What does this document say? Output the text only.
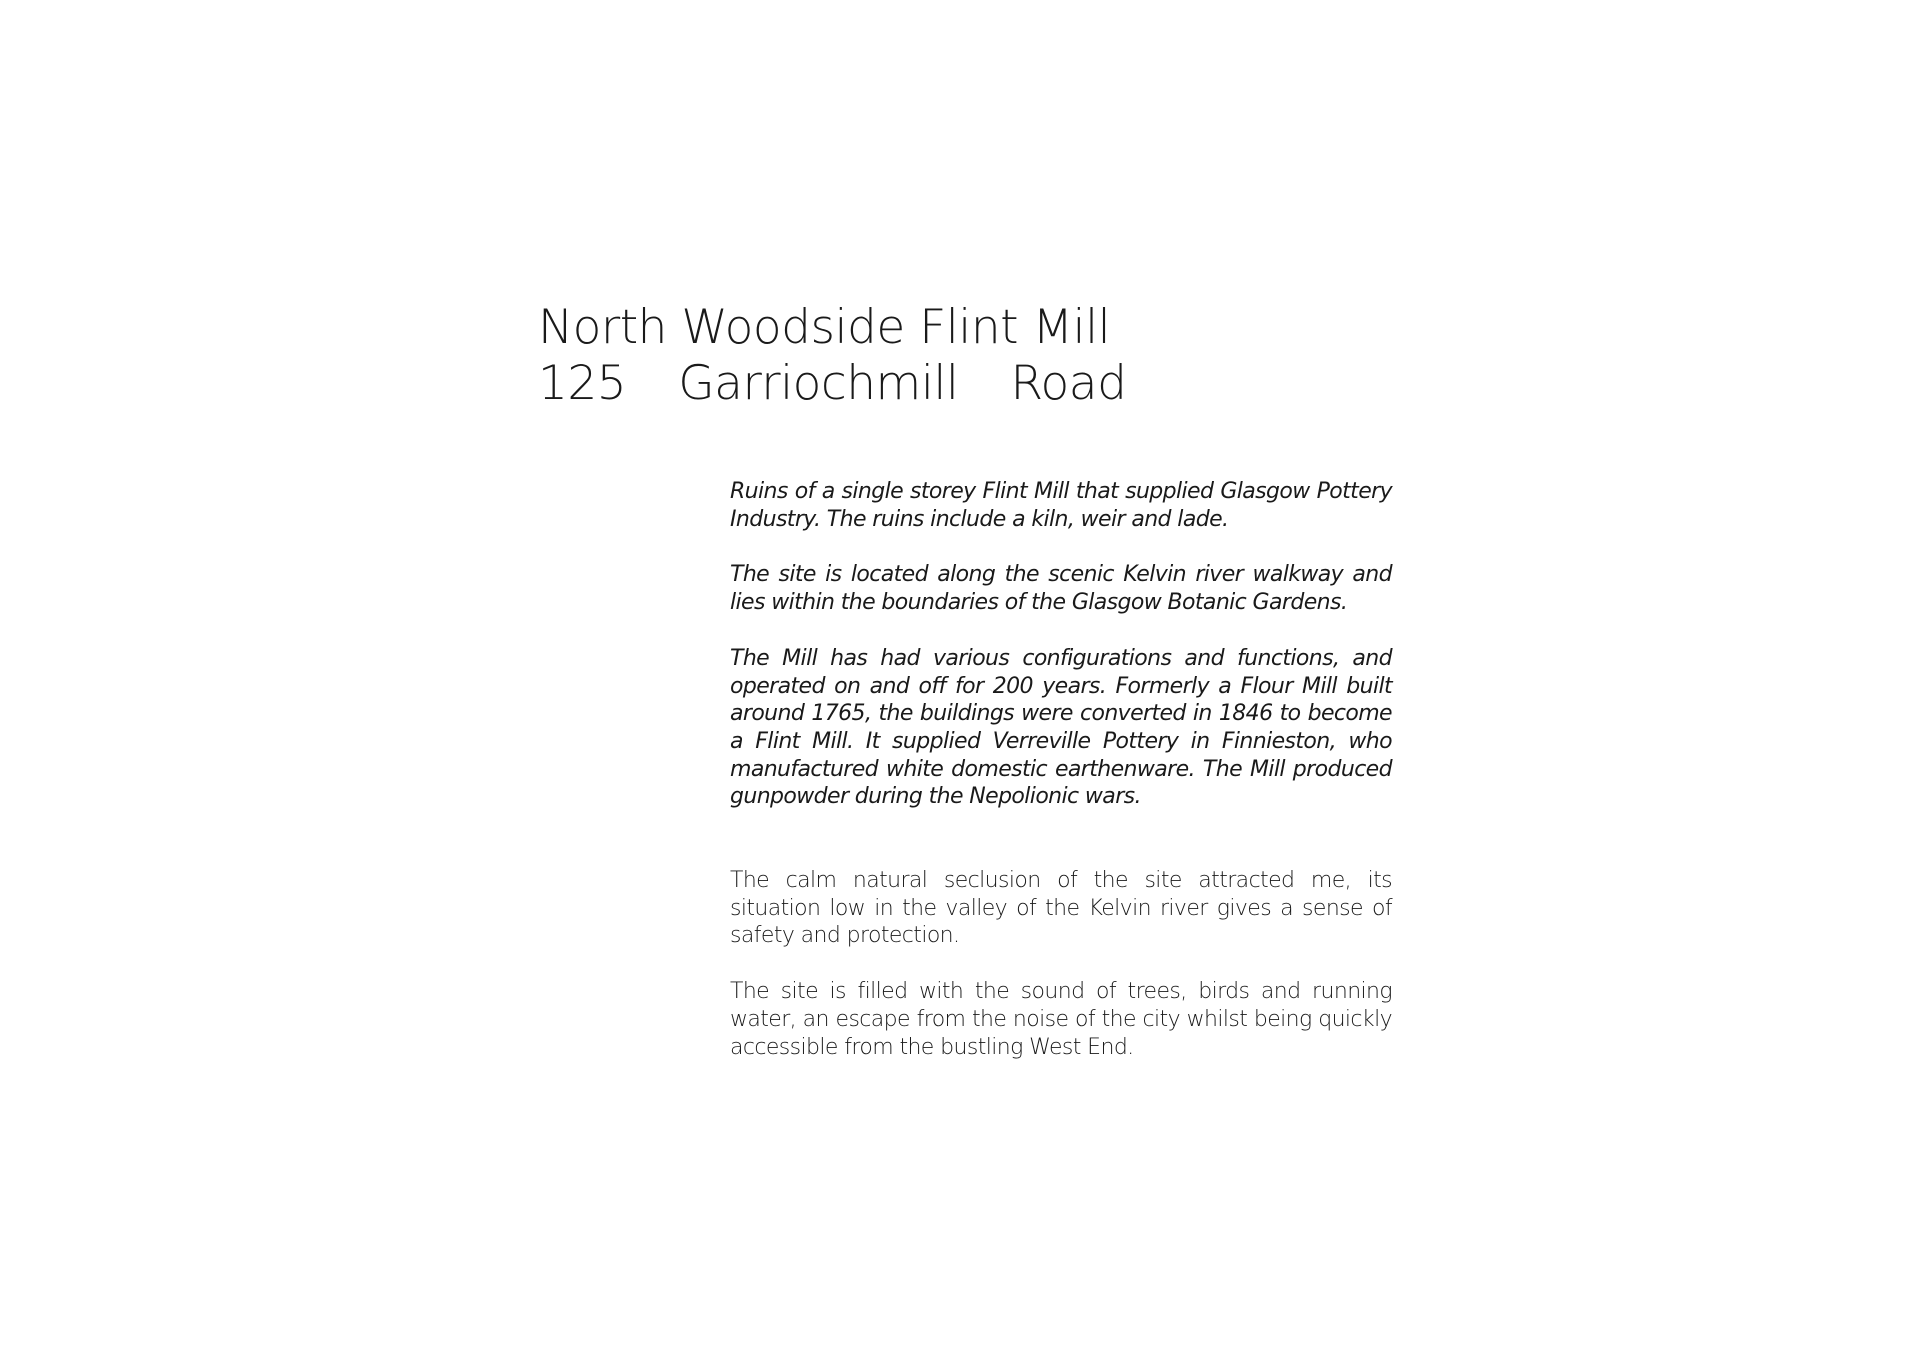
North Woodside Flint Mill
125 Garriochmill Road

Ruins of a single storey Flint Mill that supplied Glasgow Pottery Industry. The ruins include a kiln, weir and lade.

The site is located along the scenic Kelvin river walkway and lies within the boundaries of the Glasgow Botanic Gardens.

The Mill has had various configurations and functions, and operated on and off for 200 years. Formerly a Flour Mill built around 1765, the buildings were converted in 1846 to become a Flint Mill. It supplied Verreville Pottery in Finnieston, who manufactured white domestic earthenware. The Mill produced gunpowder during the Nepolionic wars.

The calm natural seclusion of the site attracted me, its situation low in the valley of the Kelvin river gives a sense of safety and protection.

The site is filled with the sound of trees, birds and running water, an escape from the noise of the city whilst being quickly accessible from the bustling West End.
